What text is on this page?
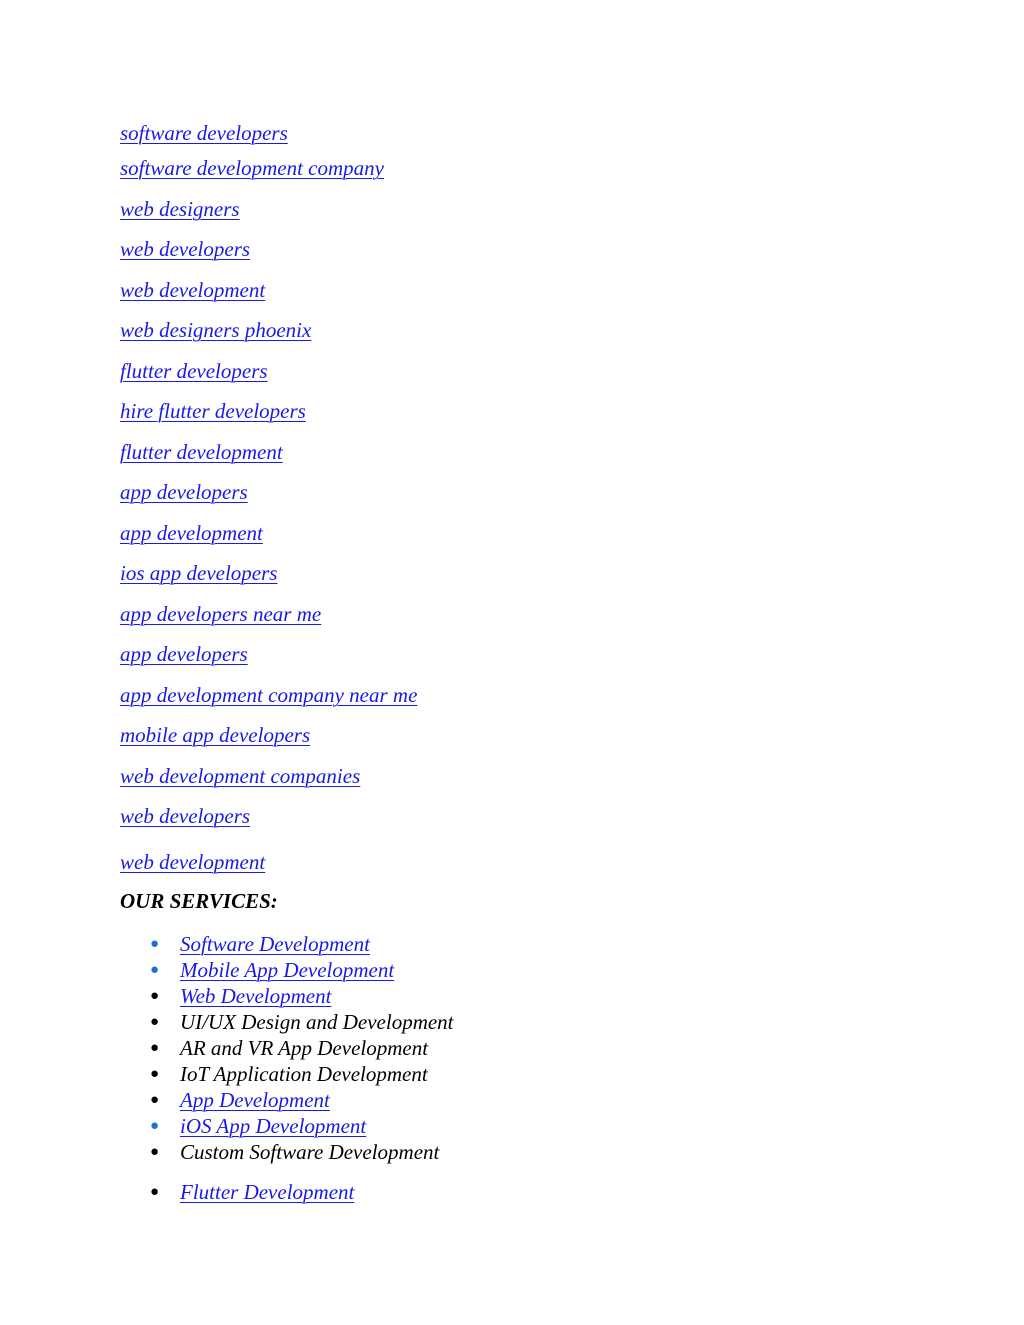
software developers
software development company
web designers
web developers
web development
web designers phoenix
flutter developers
hire flutter developers
flutter development
app developers
app development
ios app developers
app developers near me
app developers
app development company near me
mobile app developers
web development companies
web developers
web development
OUR SERVICES:
● Software Development
● Mobile App Development
● Web Development
● UI/UX Design and Development
● AR and VR App Development
● IoT Application Development
● App Development
● iOS App Development
● Custom Software Development
● Flutter Development
